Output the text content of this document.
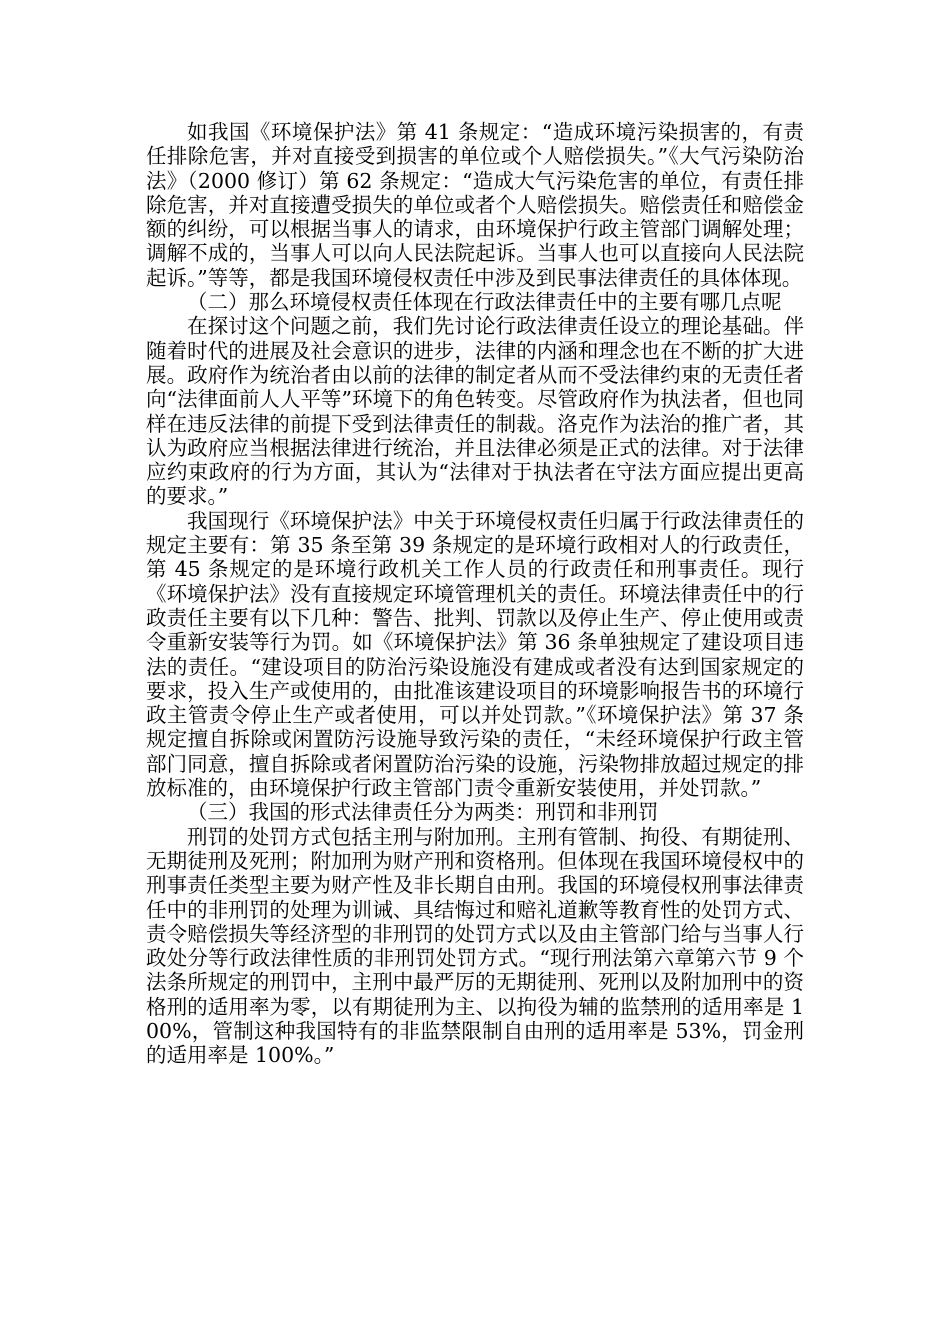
如我国《环境保护法》第 41 条规定：“造成环境污染损害的，有责任排除危害，并对直接受到损害的单位或个人赔偿损失。”《大气污染防治法》（2000 修订）第 62 条规定：“造成大气污染危害的单位，有责任排除危害，并对直接遭受损失的单位或者个人赔偿损失。赔偿责任和赔偿金额的纠纷，可以根据当事人的请求，由环境保护行政主管部门调解处理；调解不成的，当事人可以向人民法院起诉。当事人也可以直接向人民法院起诉。”等等，都是我国环境侵权责任中涉及到民事法律责任的具体体现。

（二）那么环境侵权责任体现在行政法律责任中的主要有哪几点呢

在探讨这个问题之前，我们先讨论行政法律责任设立的理论基础。伴随着时代的进展及社会意识的进步，法律的内涵和理念也在不断的扩大进展。政府作为统治者由以前的法律的制定者从而不受法律约束的无责任者向“法律面前人人平等”环境下的角色转变。尽管政府作为执法者，但也同样在违反法律的前提下受到法律责任的制裁。洛克作为法治的推广者，其认为政府应当根据法律进行统治，并且法律必须是正式的法律。对于法律应约束政府的行为方面，其认为“法律对于执法者在守法方面应提出更高的要求。”

我国现行《环境保护法》中关于环境侵权责任归属于行政法律责任的规定主要有：第 35 条至第 39 条规定的是环境行政相对人的行政责任，第 45 条规定的是环境行政机关工作人员的行政责任和刑事责任。现行《环境保护法》没有直接规定环境管理机关的责任。环境法律责任中的行政责任主要有以下几种：警告、批判、罚款以及停止生产、停止使用或责令重新安装等行为罚。如《环境保护法》第 36 条单独规定了建设项目违法的责任。“建设项目的防治污染设施没有建成或者没有达到国家规定的要求，投入生产或使用的，由批准该建设项目的环境影响报告书的环境行政主管责令停止生产或者使用，可以并处罚款。”《环境保护法》第 37 条规定擅自拆除或闲置防污设施导致污染的责任，“未经环境保护行政主管部门同意，擅自拆除或者闲置防治污染的设施，污染物排放超过规定的排放标准的，由环境保护行政主管部门责令重新安装使用，并处罚款。”

（三）我国的形式法律责任分为两类：刑罚和非刑罚

刑罚的处罚方式包括主刑与附加刑。主刑有管制、拘役、有期徒刑、无期徒刑及死刑；附加刑为财产刑和资格刑。但体现在我国环境侵权中的刑事责任类型主要为财产性及非长期自由刑。我国的环境侵权刑事法律责任中的非刑罚的处理为训诫、具结悔过和赔礼道歉等教育性的处罚方式、责令赔偿损失等经济型的非刑罚的处罚方式以及由主管部门给与当事人行政处分等行政法律性质的非刑罚处罚方式。“现行刑法第六章第六节 9 个法条所规定的刑罚中，主刑中最严厉的无期徒刑、死刑以及附加刑中的资格刑的适用率为零，以有期徒刑为主、以拘役为辅的监禁刑的适用率是 100%，管制这种我国特有的非监禁限制自由刑的适用率是 53%，罚金刑的适用率是 100%。”
